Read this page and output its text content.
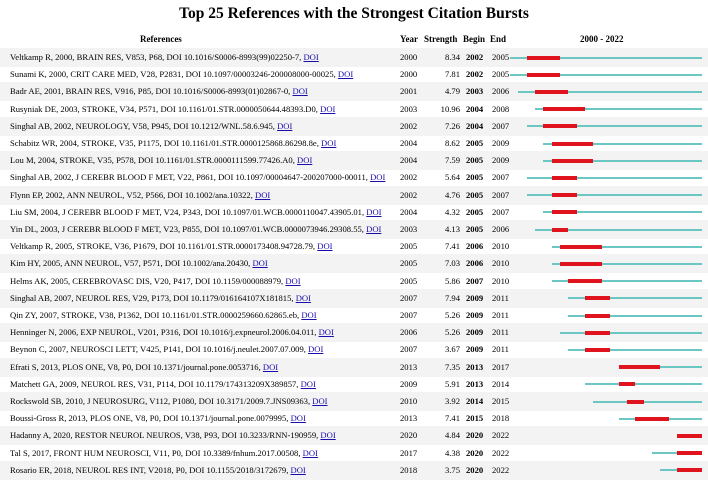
Top 25 References with the Strongest Citation Bursts
References	Year Strength Begin End	2000 - 2022
Veltkamp R, 2000, BRAIN RES, V853, P68, DOI 10.1016/S0006-8993(99)02250-7, DOI	2000	8.34 2002 2005
Sunami K, 2000, CRIT CARE MED, V28, P2831, DOI 10.1097/00003246-200008000-00025, DOI	2000	7.81 2002 2005
Badr AE, 2001, BRAIN RES, V916, P85, DOI 10.1016/S0006-8993(01)02867-0, DOI	2001	4.79 2003 2006
Rusyniak DE, 2003, STROKE, V34, P571, DOI 10.1161/01.STR.0000050644.48393.D0, DOI	2003	10.96 2004 2008
Singhal AB, 2002, NEUROLOGY, V58, P945, DOI 10.1212/WNL.58.6.945, DOI	2002	7.26 2004 2007
Schabitz WR, 2004, STROKE, V35, P1175, DOI 10.1161/01.STR.0000125868.86298.8e, DOI	2004	8.62 2005 2009
Lou M, 2004, STROKE, V35, P578, DOI 10.1161/01.STR.0000111599.77426.A0, DOI	2004	7.59 2005 2009
Singhal AB, 2002, J CEREBR BLOOD F MET, V22, P861, DOI 10.1097/00004647-200207000-00011, DOI 2002	5.64 2005 2007
Flynn EP, 2002, ANN NEUROL, V52, P566, DOI 10.1002/ana.10322, DOI	2002	4.76 2005 2007
Liu SM, 2004, J CEREBR BLOOD F MET, V24, P343, DOI 10.1097/01.WCB.0000110047.43905.01, DOI 2004	4.32 2005 2007
Yin DL, 2003, J CEREBR BLOOD F MET, V23, P855, DOI 10.1097/01.WCB.0000073946.29308.55, DOI 2003	4.13 2005 2006
Veltkamp R, 2005, STROKE, V36, P1679, DOI 10.1161/01.STR.0000173408.94728.79, DOI	2005	7.41 2006 2010
Kim HY, 2005, ANN NEUROL, V57, P571, DOI 10.1002/ana.20430, DOI	2005	7.03 2006 2010
Helms AK, 2005, CEREBROVASC DIS, V20, P417, DOI 10.1159/000088979, DOI	2005	5.86 2007 2010
Singhal AB, 2007, NEUROL RES, V29, P173, DOI 10.1179/016164107X181815, DOI	2007	7.94 2009 2011
Qin ZY, 2007, STROKE, V38, P1362, DOI 10.1161/01.STR.0000259660.62865.eb, DOI	2007	5.26 2009 2011
Henninger N, 2006, EXP NEUROL, V201, P316, DOI 10.1016/j.expneurol.2006.04.011, DOI	2006	5.26 2009 2011
Beynon C, 2007, NEUROSCI LETT, V425, P141, DOI 10.1016/j.neulet.2007.07.009, DOI	2007	3.67 2009 2011
Efrati S, 2013, PLOS ONE, V8, P0, DOI 10.1371/journal.pone.0053716, DOI	2013	7.35 2013 2017
Matchett GA, 2009, NEUROL RES, V31, P114, DOI 10.1179/174313209X389857, DOI	2009	5.91 2013 2014
Rockswold SB, 2010, J NEUROSURG, V112, P1080, DOI 10.3171/2009.7.JNS09363, DOI	2010	3.92 2014 2015
Boussi-Gross R, 2013, PLOS ONE, V8, P0, DOI 10.1371/journal.pone.0079995, DOI	2013	7.41 2015 2018
Hadanny A, 2020, RESTOR NEUROL NEUROS, V38, P93, DOI 10.3233/RNN-190959, DOI	2020	4.84 2020 2022
Tal S, 2017, FRONT HUM NEUROSCI, V11, P0, DOI 10.3389/fnhum.2017.00508, DOI	2017	4.38 2020 2022
Rosario ER, 2018, NEUROL RES INT, V2018, P0, DOI 10.1155/2018/3172679, DOI	2018	3.75 2020 2022
